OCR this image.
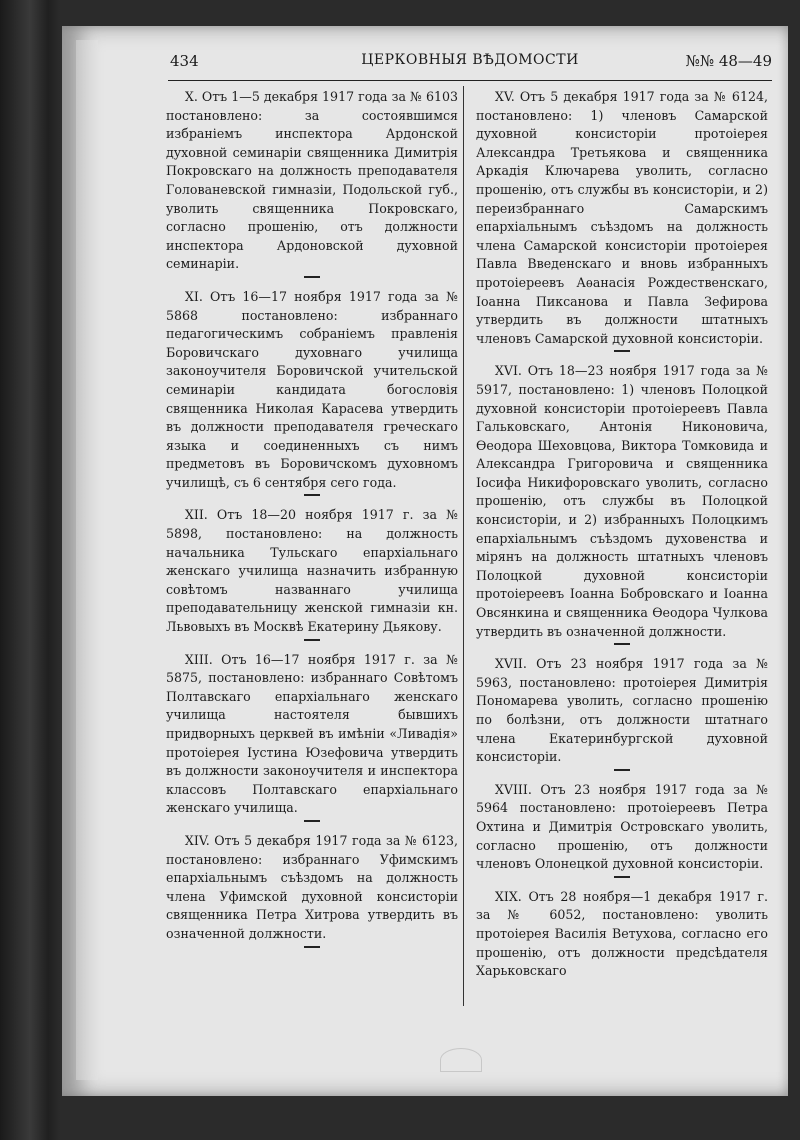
434	ЦЕРКОВНЫЯ ВѢДОМОСТИ	№№ 48—49

X. Отъ 1—5 декабря 1917 года за № 6103 постановлено: за состоявшимся избраніемъ инспектора Ардонской духовной семинаріи священника Димитрія Покровскаго на должность преподавателя Голованевской гимназіи, Подольской губ., уволить священника Покровскаго, согласно прошенію, отъ должности инспектора Ардоновской духовной семинаріи.

XI. Отъ 16—17 ноября 1917 года за № 5868 постановлено: избраннаго педагогическимъ собраніемъ правленія Боровичскаго духовнаго училища законоучителя Боровичской учительской семинаріи кандидата богословія священника Николая Карасева утвердить въ должности преподавателя греческаго языка и соединенныхъ съ нимъ предметовъ въ Боровичскомъ духовномъ училищѣ, съ 6 сентября сего года.

XII. Отъ 18—20 ноября 1917 г. за № 5898, постановлено: на должность начальника Тульскаго епархіальнаго женскаго училища назначить избранную совѣтомъ названнаго училища преподавательницу женской гимназіи кн. Львовыхъ въ Москвѣ Екатерину Дьякову.

XIII. Отъ 16—17 ноября 1917 г. за № 5875, постановлено: избраннаго Совѣтомъ Полтавскаго епархіальнаго женскаго училища настоятеля бывшихъ придворныхъ церквей въ имѣніи «Ливадія» протоіерея Іустина Юзефовича утвердить въ должности законоучителя и инспектора классовъ Полтавскаго епархіальнаго женскаго училища.

XIV. Отъ 5 декабря 1917 года за № 6123, постановлено: избраннаго Уфимскимъ епархіальнымъ съѣздомъ на должность члена Уфимской духовной консисторіи священника Петра Хитрова утвердить въ означенной должности.

XV. Отъ 5 декабря 1917 года за № 6124, постановлено: 1) членовъ Самарской духовной консисторіи протоіерея Александра Третьякова и священника Аркадія Ключарева уволить, согласно прошенію, отъ службы въ консисторіи, и 2) переизбраннаго Самарскимъ епархіальнымъ съѣздомъ на должность члена Самарской консисторіи протоіерея Павла Введенскаго и вновь избранныхъ протоіереевъ Аѳанасія Рождественскаго, Іоанна Пиксанова и Павла Зефирова утвердить въ должности штатныхъ членовъ Самарской духовной консисторіи.

XVI. Отъ 18—23 ноября 1917 года за № 5917, постановлено: 1) членовъ Полоцкой духовной консисторіи протоіереевъ Павла Гальковскаго, Антонія Никоновича, Ѳеодора Шеховцова, Виктора Томковида и Александра Григоровича и священника Іосифа Никифоровскаго уволить, согласно прошенію, отъ службы въ Полоцкой консисторіи, и 2) избранныхъ Полоцкимъ епархіальнымъ съѣздомъ духовенства и мірянъ на должность штатныхъ членовъ Полоцкой духовной консисторіи протоіереевъ Іоанна Бобровскаго и Іоанна Овсянкина и священника Ѳеодора Чулкова утвердить въ означенной должности.

XVII. Отъ 23 ноября 1917 года за № 5963, постановлено: протоіерея Димитрія Пономарева уволить, согласно прошенію по болѣзни, отъ должности штатнаго члена Екатеринбургской духовной консисторіи.

XVIII. Отъ 23 ноября 1917 года за № 5964 постановлено: протоіереевъ Петра Охтина и Димитрія Островскаго уволить, согласно прошенію, отъ должности членовъ Олонецкой духовной консисторіи.

XIX. Отъ 28 ноября—1 декабря 1917 г. за № 6052, постановлено: уволить протоіерея Василія Ветухова, согласно его прошенію, отъ должности предсѣдателя Харьковскаго
